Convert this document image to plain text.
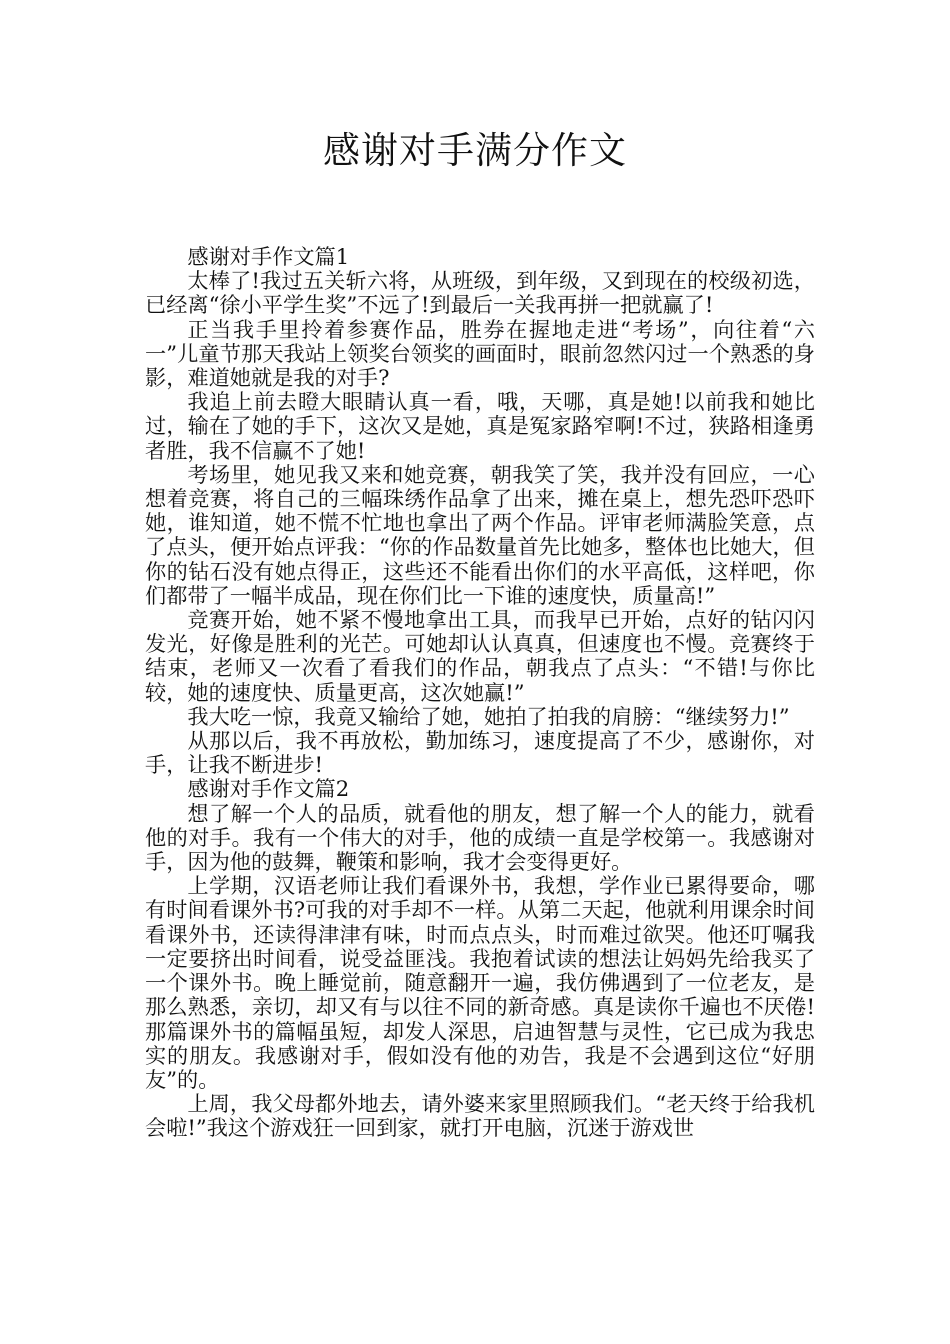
感谢对手满分作文

感谢对手作文篇1

太棒了!我过五关斩六将，从班级，到年级，又到现在的校级初选，已经离“徐小平学生奖”不远了!到最后一关我再拼一把就赢了!

正当我手里拎着参赛作品，胜券在握地走进“考场”，向往着“六一”儿童节那天我站上领奖台领奖的画面时，眼前忽然闪过一个熟悉的身影，难道她就是我的对手?

我追上前去瞪大眼睛认真一看，哦，天哪，真是她!以前我和她比过，输在了她的手下，这次又是她，真是冤家路窄啊!不过，狭路相逢勇者胜，我不信赢不了她!

考场里，她见我又来和她竞赛，朝我笑了笑，我并没有回应，一心想着竞赛，将自己的三幅珠绣作品拿了出来，摊在桌上，想先恐吓恐吓她，谁知道，她不慌不忙地也拿出了两个作品。评审老师满脸笑意，点了点头，便开始点评我：“你的作品数量首先比她多，整体也比她大，但你的钻石没有她点得正，这些还不能看出你们的水平高低，这样吧，你们都带了一幅半成品，现在你们比一下谁的速度快，质量高!”

竞赛开始，她不紧不慢地拿出工具，而我早已开始，点好的钻闪闪发光，好像是胜利的光芒。可她却认认真真，但速度也不慢。竞赛终于结束，老师又一次看了看我们的作品，朝我点了点头：“不错!与你比较，她的速度快、质量更高，这次她赢!”

我大吃一惊，我竟又输给了她，她拍了拍我的肩膀：“继续努力!”

从那以后，我不再放松，勤加练习，速度提高了不少，感谢你，对手，让我不断进步!

感谢对手作文篇2

想了解一个人的品质，就看他的朋友，想了解一个人的能力，就看他的对手。我有一个伟大的对手，他的成绩一直是学校第一。我感谢对手，因为他的鼓舞，鞭策和影响，我才会变得更好。

上学期，汉语老师让我们看课外书，我想，学作业已累得要命，哪有时间看课外书?可我的对手却不一样。从第二天起，他就利用课余时间看课外书，还读得津津有味，时而点点头，时而难过欲哭。他还叮嘱我一定要挤出时间看，说受益匪浅。我抱着试读的想法让妈妈先给我买了一个课外书。晚上睡觉前，随意翻开一遍，我仿佛遇到了一位老友，是那么熟悉，亲切，却又有与以往不同的新奇感。真是读你千遍也不厌倦!那篇课外书的篇幅虽短，却发人深思，启迪智慧与灵性，它已成为我忠实的朋友。我感谢对手，假如没有他的劝告，我是不会遇到这位“好朋友”的。

上周，我父母都外地去，请外婆来家里照顾我们。“老天终于给我机会啦!”我这个游戏狂一回到家，就打开电脑，沉迷于游戏世
